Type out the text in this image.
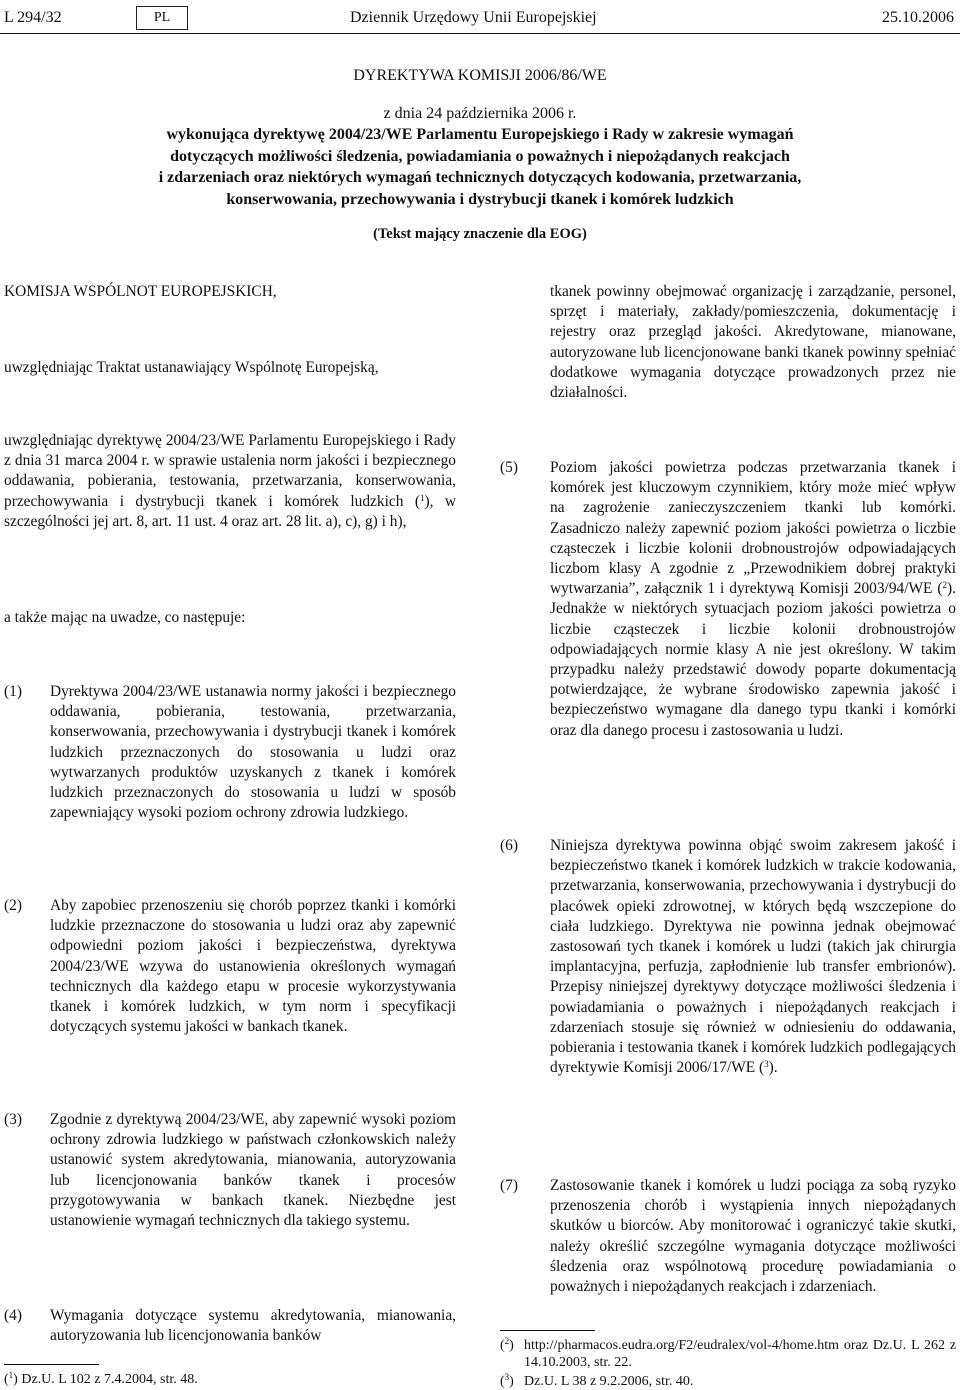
L 294/32	PL	Dziennik Urzędowy Unii Europejskiej	25.10.2006
DYREKTYWA KOMISJI 2006/86/WE
z dnia 24 października 2006 r.
wykonująca dyrektywę 2004/23/WE Parlamentu Europejskiego i Rady w zakresie wymagań
dotyczących możliwości śledzenia, powiadamiania o poważnych i niepożądanych reakcjach
i zdarzeniach oraz niektórych wymagań technicznych dotyczących kodowania, przetwarzania,
konserwowania, przechowywania i dystrybucji tkanek i komórek ludzkich
(Tekst mający znaczenie dla EOG)
KOMISJA WSPÓLNOT EUROPEJSKICH,
uwzględniając Traktat ustanawiający Wspólnotę Europejską,
uwzględniając dyrektywę 2004/23/WE Parlamentu Europejskiego i Rady z dnia 31 marca 2004 r. w sprawie ustalenia norm jakości i bezpiecznego oddawania, pobierania, testowania, przetwarzania, konserwowania, przechowywania i dystrybucji tkanek i komórek ludzkich ($^1$), w szczególności jej art. 8, art. 11 ust. 4 oraz art. 28 lit. a), c), g) i h),
a także mając na uwadze, co następuje:
(1) Dyrektywa 2004/23/WE ustanawia normy jakości i bezpiecznego oddawania, pobierania, testowania, przetwarzania, konserwowania, przechowywania i dystrybucji tkanek i komórek ludzkich przeznaczonych do stosowania u ludzi oraz wytwarzanych produktów uzyskanych z tkanek i komórek ludzkich przeznaczonych do stosowania u ludzi w sposób zapewniający wysoki poziom ochrony zdrowia ludzkiego.
(2) Aby zapobiec przenoszeniu się chorób poprzez tkanki i komórki ludzkie przeznaczone do stosowania u ludzi oraz aby zapewnić odpowiedni poziom jakości i bezpieczeństwa, dyrektywa 2004/23/WE wzywa do ustanowienia określonych wymagań technicznych dla każdego etapu w procesie wykorzystywania tkanek i komórek ludzkich, w tym norm i specyfikacji dotyczących systemu jakości w bankach tkanek.
(3) Zgodnie z dyrektywą 2004/23/WE, aby zapewnić wysoki poziom ochrony zdrowia ludzkiego w państwach członkowskich należy ustanowić system akredytowania, mianowania, autoryzowania lub licencjonowania banków tkanek i procesów przygotowywania w bankach tkanek. Niezbędne jest ustanowienie wymagań technicznych dla takiego systemu.
(4) Wymagania dotyczące systemu akredytowania, mianowania, autoryzowania lub licencjonowania banków
($^1$) Dz.U. L 102 z 7.4.2004, str. 48.
tkanek powinny obejmować organizację i zarządzanie, personel, sprzęt i materiały, zakłady/pomieszczenia, dokumentację i rejestry oraz przegląd jakości. Akredytowane, mianowane, autoryzowane lub licencjonowane banki tkanek powinny spełniać dodatkowe wymagania dotyczące prowadzonych przez nie działalności.
(5) Poziom jakości powietrza podczas przetwarzania tkanek i komórek jest kluczowym czynnikiem, który może mieć wpływ na zagrożenie zanieczyszczeniem tkanki lub komórki. Zasadniczo należy zapewnić poziom jakości powietrza o liczbie cząsteczek i liczbie kolonii drobnoustrojów odpowiadających liczbom klasy A zgodnie z „Przewodnikiem dobrej praktyki wytwarzania”, załącznik 1 i dyrektywą Komisji 2003/94/WE ($^2$). Jednakże w niektórych sytuacjach poziom jakości powietrza o liczbie cząsteczek i liczbie kolonii drobnoustrojów odpowiadających normie klasy A nie jest określony. W takim przypadku należy przedstawić dowody poparte dokumentacją potwierdzające, że wybrane środowisko zapewnia jakość i bezpieczeństwo wymagane dla danego typu tkanki i komórki oraz dla danego procesu i zastosowania u ludzi.
(6) Niniejsza dyrektywa powinna objąć swoim zakresem jakość i bezpieczeństwo tkanek i komórek ludzkich w trakcie kodowania, przetwarzania, konserwowania, przechowywania i dystrybucji do placówek opieki zdrowotnej, w których będą wszczepione do ciała ludzkiego. Dyrektywa nie powinna jednak obejmować zastosowań tych tkanek i komórek u ludzi (takich jak chirurgia implantacyjna, perfuzja, zapłodnienie lub transfer embrionów). Przepisy niniejszej dyrektywy dotyczące możliwości śledzenia i powiadamiania o poważnych i niepożądanych reakcjach i zdarzeniach stosuje się również w odniesieniu do oddawania, pobierania i testowania tkanek i komórek ludzkich podlegających dyrektywie Komisji 2006/17/WE ($^3$).
(7) Zastosowanie tkanek i komórek u ludzi pociąga za sobą ryzyko przenoszenia chorób i wystąpienia innych niepożądanych skutków u biorców. Aby monitorować i ograniczyć takie skutki, należy określić szczególne wymagania dotyczące możliwości śledzenia oraz wspólnotową procedurę powiadamiania o poważnych i niepożądanych reakcjach i zdarzeniach.
($^2$) http://pharmacos.eudra.org/F2/eudralex/vol-4/home.htm oraz Dz.U. L 262 z 14.10.2003, str. 22.
($^3$) Dz.U. L 38 z 9.2.2006, str. 40.
